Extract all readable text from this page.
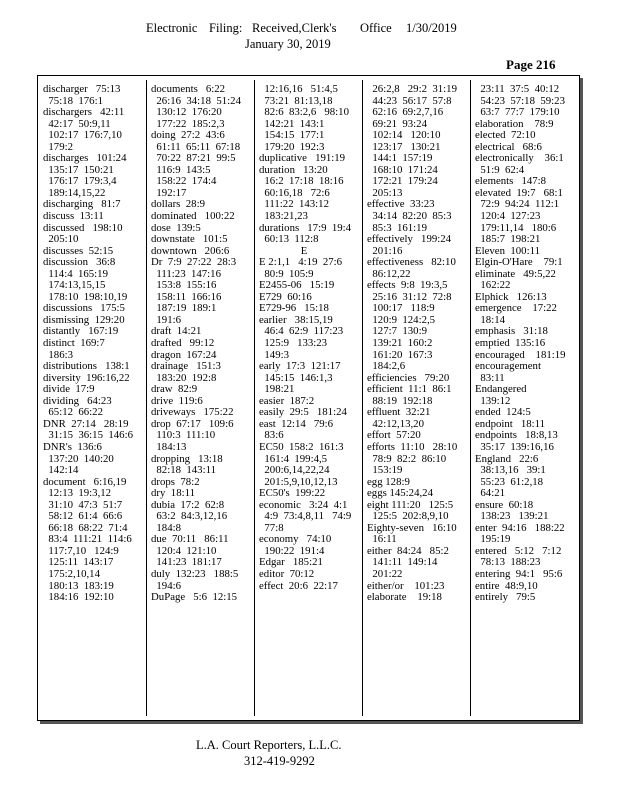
Electronic Filing: Received,Clerk's Office 1/30/2019
January 30, 2019
Page 216
discharger   75:13
75:18  176:1
dischargers   42:11
42:17  50:9,11
102:17  176:7,10
179:2
discharges   101:24
135:17  150:21
176:17  179:3,4
189:14,15,22
discharging   81:7
discuss  13:11
discussed   198:10
205:10
discusses  52:15
discussion   36:8
114:4  165:19
174:13,15,15
178:10  198:10,19
discussions   175:5
dismissing  129:20
distantly   167:19
distinct  169:7
186:3
distributions   138:1
diversity  196:16,22
divide  17:9
dividing   64:23
65:12  66:22
DNR  27:14   28:19
31:15  36:15  146:6
DNR's  136:6
137:20  140:20
142:14
document   6:16,19
12:13  19:3,12
31:10  47:3  51:7
58:12  61:4  66:6
66:18  68:22  71:4
83:4  111:21  114:6
117:7,10   124:9
125:11  143:17
175:2,10,14
180:13  183:19
184:16  192:10
documents   6:22
26:16  34:18  51:24
130:12  176:20
177:22  185:2,3
doing  27:2  43:6
61:11  65:11  67:18
70:22  87:21  99:5
116:9  143:5
158:22  174:4
192:17
dollars  28:9
dominated   100:22
dose  139:5
downstate   101:5
downtown   206:6
Dr  7:9  27:22  28:3
111:23  147:16
153:8  155:16
158:11  166:16
187:19  189:1
191:6
draft  14:21
drafted   99:12
dragon  167:24
drainage   151:3
183:20  192:8
draw  82:9
drive  119:6
driveways   175:22
drop  67:17   109:6
110:3  111:10
184:13
dropping   13:18
82:18  143:11
drops  78:2
dry  18:11
dubia  17:2  62:8
63:2  84:3,12,16
184:8
due  70:11   86:11
120:4  121:10
141:23  181:17
duly  132:23   188:5
194:6
DuPage   5:6  12:15
12:16,16   51:4,5
73:21  81:13,18
82:6  83:2,6   98:10
142:21  143:1
154:15  177:1
179:20  192:3
duplicative   191:19
duration   13:20
16:2  17:18  18:16
60:16,18   72:6
111:22  143:12
183:21,23
durations   17:9  19:4
60:13  112:8
E
E 2:1,1   4:19  27:6
80:9  105:9
E2455-06   15:19
E729  60:16
E729-96   15:18
earlier   38:15,19
46:4  62:9  117:23
125:9   133:23
149:3
early  17:3  121:17
145:15  146:1,3
198:21
easier  187:2
easily  29:5   181:24
east  12:14   79:6
83:6
EC50  158:2  161:3
161:4  199:4,5
200:6,14,22,24
201:5,9,10,12,13
EC50's  199:22
economic   3:24  4:1
4:9  73:4,8,11   74:9
77:8
economy   74:10
190:22  191:4
Edgar   185:21
editor  70:12
effect  20:6  22:17
26:2,8   29:2  31:19
44:23  56:17  57:8
62:16  69:2,7,16
69:21  93:24
102:14   120:10
123:17   130:21
144:1  157:19
168:10  171:24
172:21  179:24
205:13
effective  33:23
34:14  82:20  85:3
85:3  161:19
effectively   199:24
201:16
effectiveness   82:10
86:12,22
effects  9:8  19:3,5
25:16  31:12  72:8
100:17   118:9
120:9  124:2,5
127:7  130:9
139:21  160:2
161:20  167:3
184:2,6
efficiencies   79:20
efficient  11:1  86:1
88:19  192:18
effluent  32:21
42:12,13,20
effort  57:20
efforts  11:10   28:10
78:9  82:2  86:10
153:19
egg 128:9
eggs 145:24,24
eight 111:20   125:5
125:5  202:8,9,10
Eighty-seven   16:10
16:11
either  84:24   85:2
141:11  149:14
201:22
either/or    101:23
elaborate    19:18
23:11  37:5  40:12
54:23  57:18  59:23
63:7  77:7  179:10
elaboration    78:9
elected  72:10
electrical   68:6
electronically    36:1
51:9  62:4
elements   147:8
elevated  19:7   68:1
72:9  94:24  112:1
120:4  127:23
179:11,14   180:6
185:7  198:21
Eleven  100:11
Elgin-O'Hare    79:1
eliminate   49:5,22
162:22
Elphick   126:13
emergence    17:22
18:14
emphasis   31:18
emptied  135:16
encouraged    181:19
encouragement
83:11
Endangered
139:12
ended  124:5
endpoint   18:11
endpoints   18:8,13
35:17  139:16,16
England   22:6
38:13,16   39:1
55:23  61:2,18
64:21
ensure  60:18
138:23   139:21
enter  94:16   188:22
195:19
entered   5:12   7:12
78:13  188:23
entering  94:1   95:6
entire  48:9,10
entirely   79:5
L.A. Court Reporters, L.L.C.
312-419-9292
